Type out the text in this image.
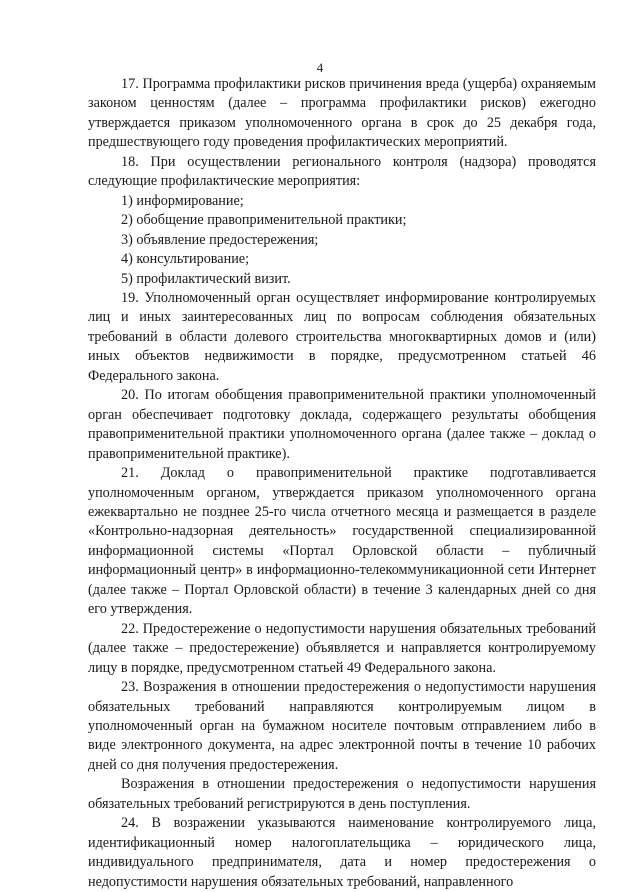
4

17. Программа профилактики рисков причинения вреда (ущерба) охраняемым законом ценностям (далее – программа профилактики рисков) ежегодно утверждается приказом уполномоченного органа в срок до 25 декабря года, предшествующего году проведения профилактических мероприятий.

18. При осуществлении регионального контроля (надзора) проводятся следующие профилактические мероприятия:

1) информирование;

2) обобщение правоприменительной практики;

3) объявление предостережения;

4) консультирование;

5) профилактический визит.

19. Уполномоченный орган осуществляет информирование контролируемых лиц и иных заинтересованных лиц по вопросам соблюдения обязательных требований в области долевого строительства многоквартирных домов и (или) иных объектов недвижимости в порядке, предусмотренном статьей 46 Федерального закона.

20. По итогам обобщения правоприменительной практики уполномоченный орган обеспечивает подготовку доклада, содержащего результаты обобщения правоприменительной практики уполномоченного органа (далее также – доклад о правоприменительной практике).

21. Доклад о правоприменительной практике подготавливается уполномоченным органом, утверждается приказом уполномоченного органа ежеквартально не позднее 25-го числа отчетного месяца и размещается в разделе «Контрольно-надзорная деятельность» государственной специализированной информационной системы «Портал Орловской области – публичный информационный центр» в информационно-телекоммуникационной сети Интернет (далее также – Портал Орловской области) в течение 3 календарных дней со дня его утверждения.

22. Предостережение о недопустимости нарушения обязательных требований (далее также – предостережение) объявляется и направляется контролируемому лицу в порядке, предусмотренном статьей 49 Федерального закона.

23. Возражения в отношении предостережения о недопустимости нарушения обязательных требований направляются контролируемым лицом в уполномоченный орган на бумажном носителе почтовым отправлением либо в виде электронного документа, на адрес электронной почты в течение 10 рабочих дней со дня получения предостережения.

Возражения в отношении предостережения о недопустимости нарушения обязательных требований регистрируются в день поступления.

24. В возражении указываются наименование контролируемого лица, идентификационный номер налогоплательщика – юридического лица, индивидуального предпринимателя, дата и номер предостережения о недопустимости нарушения обязательных требований, направленного
